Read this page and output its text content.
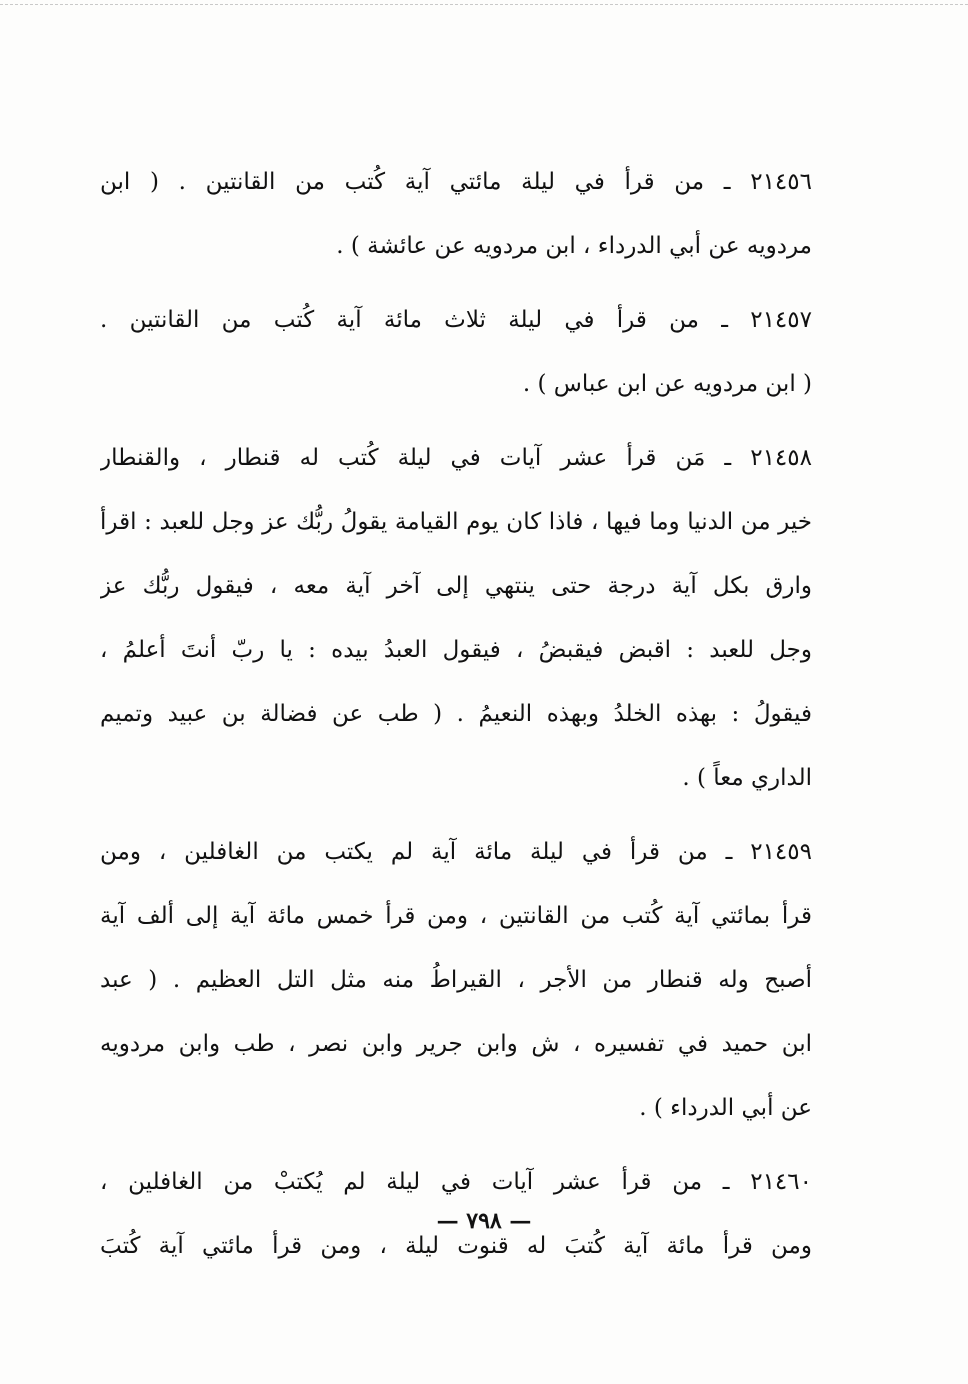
٢١٤٥٦ ـ من قرأ في ليلة مائتي آية كُتب من القانتين . ( ابن
مردويه عن أبي الدرداء ، ابن مردويه عن عائشة ) .
٢١٤٥٧ ـ من قرأ في ليلة ثلاث مائة آية كُتب من القانتين .
( ابن مردويه عن ابن عباس ) .
٢١٤٥٨ ـ مَن قرأ عشر آيات في ليلة كُتب له قنطار ، والقنطار
خير من الدنيا وما فيها ، فاذا كان يوم القيامة يقولُ ربُّك عز وجل للعبد : اقرأ
وارق بكل آية درجة حتى ينتهي إلى آخر آية معه ، فيقول ربُّك عز
وجل للعبد : اقبض فيقبضُ ، فيقول العبدُ بيده : يا ربّ أنتَ أعلمُ ،
فيقولُ : بهذه الخلدُ وبهذه النعيمُ . ( طب عن فضالة بن عبيد وتميم
الداري معاً ) .
٢١٤٥٩ ـ من قرأ في ليلة مائة آية لم يكتب من الغافلين ، ومن
قرأ بمائتي آية كُتب من القانتين ، ومن قرأ خمس مائة آية إلى ألف آية
أصبح وله قنطار من الأجر ، القيراطُ منه مثل التل العظيم . ( عبد
ابن حميد في تفسيره ، ش وابن جرير وابن نصر ، طب وابن مردويه
عن أبي الدرداء ) .
٢١٤٦٠ ـ من قرأ عشر آيات في ليلة لم يُكتبْ من الغافلين ،
ومن قرأ مائة آية كُتبَ له قنوت ليلة ، ومن قرأ مائتي آية كُتبَ
— ٧٩٨ —
